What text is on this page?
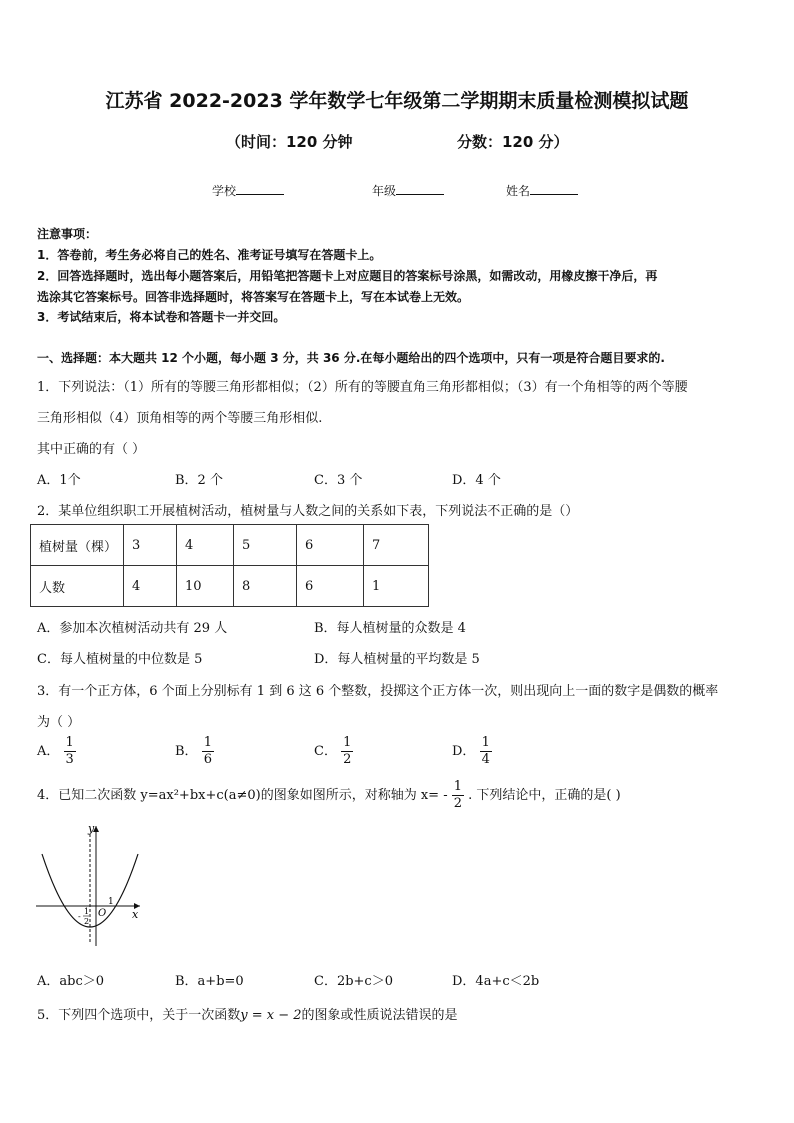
江苏省 2022-2023 学年数学七年级第二学期期末质量检测模拟试题
（时间：120 分钟	分数：120 分）
学校	年级	姓名
注意事项：
1．答卷前，考生务必将自己的姓名、准考证号填写在答题卡上。
2．回答选择题时，选出每小题答案后，用铅笔把答题卡上对应题目的答案标号涂黑，如需改动，用橡皮擦干净后，再
选涂其它答案标号。回答非选择题时，将答案写在答题卡上，写在本试卷上无效。
3．考试结束后，将本试卷和答题卡一并交回。
一、选择题：本大题共 12 个小题，每小题 3 分，共 36 分.在每小题给出的四个选项中，只有一项是符合题目要求的.
1．下列说法：（1）所有的等腰三角形都相似；（2）所有的等腰直角三角形都相似；（3）有一个角相等的两个等腰
三角形相似（4）顶角相等的两个等腰三角形相似.
其中正确的有（ ）
A．1个	B．2 个	C．3 个	D．4 个
2．某单位组织职工开展植树活动，植树量与人数之间的关系如下表，下列说法不正确的是（）
植树量（棵）	3	4	5	6	7
人数	4	10	8	6	1
A．参加本次植树活动共有 29 人	B．每人植树量的众数是 4
C．每人植树量的中位数是 5	D．每人植树量的平均数是 5
3．有一个正方体，6 个面上分别标有 1 到 6 这 6 个整数，投掷这个正方体一次，则出现向上一面的数字是偶数的概率
为（ ）
A． $\frac{1}{3}$	B． $\frac{1}{6}$	C． $\frac{1}{2}$	D． $\frac{1}{4}$
4．已知二次函数 y=ax²+bx+c(a≠0)的图象如图所示，对称轴为 $x= - \frac{1}{2}$ . 下列结论中，正确的是( )
y
x
O
1
-
1
2
A．abc＞0	B．a+b=0	C．2b+c＞0	D．4a+c＜2b
5．下列四个选项中，关于一次函数y = x − 2的图象或性质说法错误的是
